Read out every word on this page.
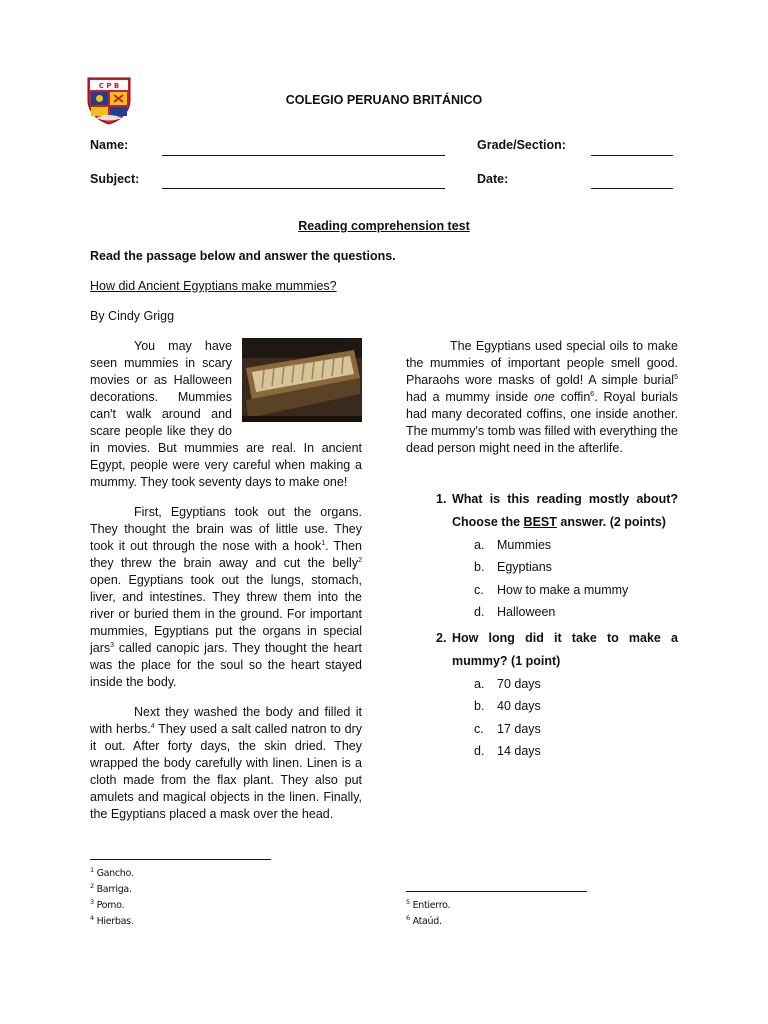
C P B
COLEGIO PERUANO BRITÁNICO
Name:	Grade/Section:
Subject:	Date:
Reading comprehension test
Read the passage below and answer the questions.
How did Ancient Egyptians make mummies?
By Cindy Grigg

You may have seen mummies in scary movies or as Halloween decorations. Mummies can't walk around and scare people like they do in movies. But mummies are real. In ancient Egypt, people were very careful when making a mummy. They took seventy days to make one!

First, Egyptians took out the organs. They thought the brain was of little use. They took it out through the nose with a hook$^1$. Then they threw the brain away and cut the belly$^2$ open. Egyptians took out the lungs, stomach, liver, and intestines. They threw them into the river or buried them in the ground. For important mummies, Egyptians put the organs in special jars$^3$ called canopic jars. They thought the heart was the place for the soul so the heart stayed inside the body.

Next they washed the body and filled it with herbs.$^4$ They used a salt called natron to dry it out. After forty days, the skin dried. They wrapped the body carefully with linen. Linen is a cloth made from the flax plant. They also put amulets and magical objects in the linen. Finally, the Egyptians placed a mask over the head.

The Egyptians used special oils to make the mummies of important people smell good. Pharaohs wore masks of gold! A simple burial$^5$ had a mummy inside one coffin$^6$. Royal burials had many decorated coffins, one inside another. The mummy's tomb was filled with everything the dead person might need in the afterlife.

1. What is this reading mostly about? Choose the BEST answer. (2 points)
a.	Mummies
b.	Egyptians
c.	How to make a mummy
d.	Halloween
2. How long did it take to make a mummy? (1 point)
a.	70 days
b.	40 days
c.	17 days
d.	14 days
$^1$ Gancho.
$^2$ Barriga.
$^3$ Pomo.
$^4$ Hierbas.
$^5$ Entierro.
$^6$ Ataúd.
